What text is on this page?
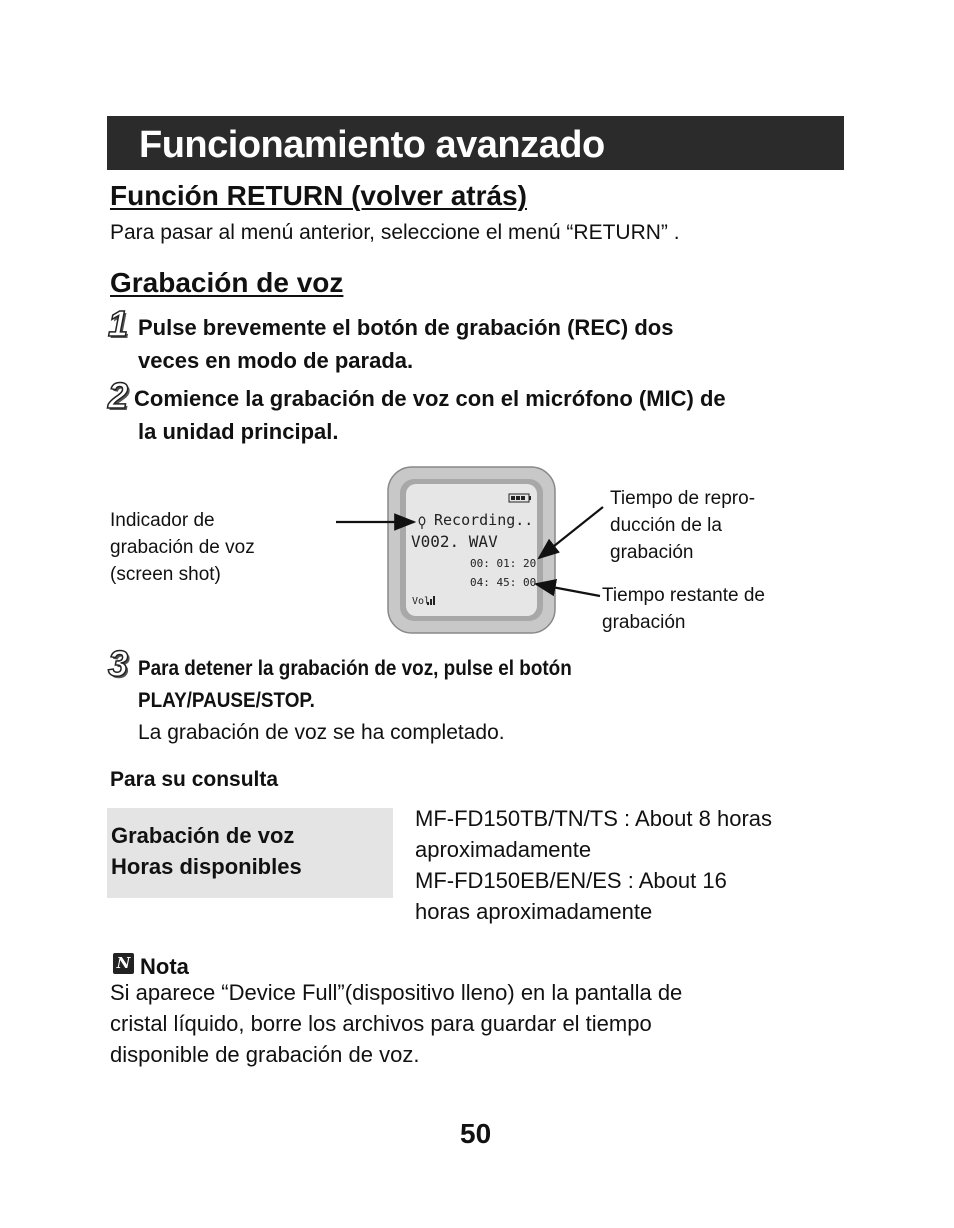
Funcionamiento avanzado
Función RETURN (volver atrás)
Para pasar al menú anterior, seleccione el menú “RETURN” .
Grabación de voz
1 Pulse brevemente el botón de grabación (REC) dos
veces en modo de parada.
2 Comience la grabación de voz con el micrófono (MIC) de
la unidad principal.
Indicador de
grabación de voz
(screen shot)
Recording..
V002. WAV
00: 01: 20
04: 45: 00
Vol
Tiempo de repro-
ducción de la
grabación
Tiempo restante de
grabación
3 Para detener la grabación de voz, pulse el botón
PLAY/PAUSE/STOP.
La grabación de voz se ha completado.
Para su consulta
Grabación de voz
Horas disponibles
MF-FD150TB/TN/TS : About 8 horas
aproximadamente
MF-FD150EB/EN/ES : About 16
horas aproximadamente
N Nota
Si aparece “Device Full”(dispositivo lleno) en la pantalla de
cristal líquido, borre los archivos para guardar el tiempo
disponible de grabación de voz.
50
